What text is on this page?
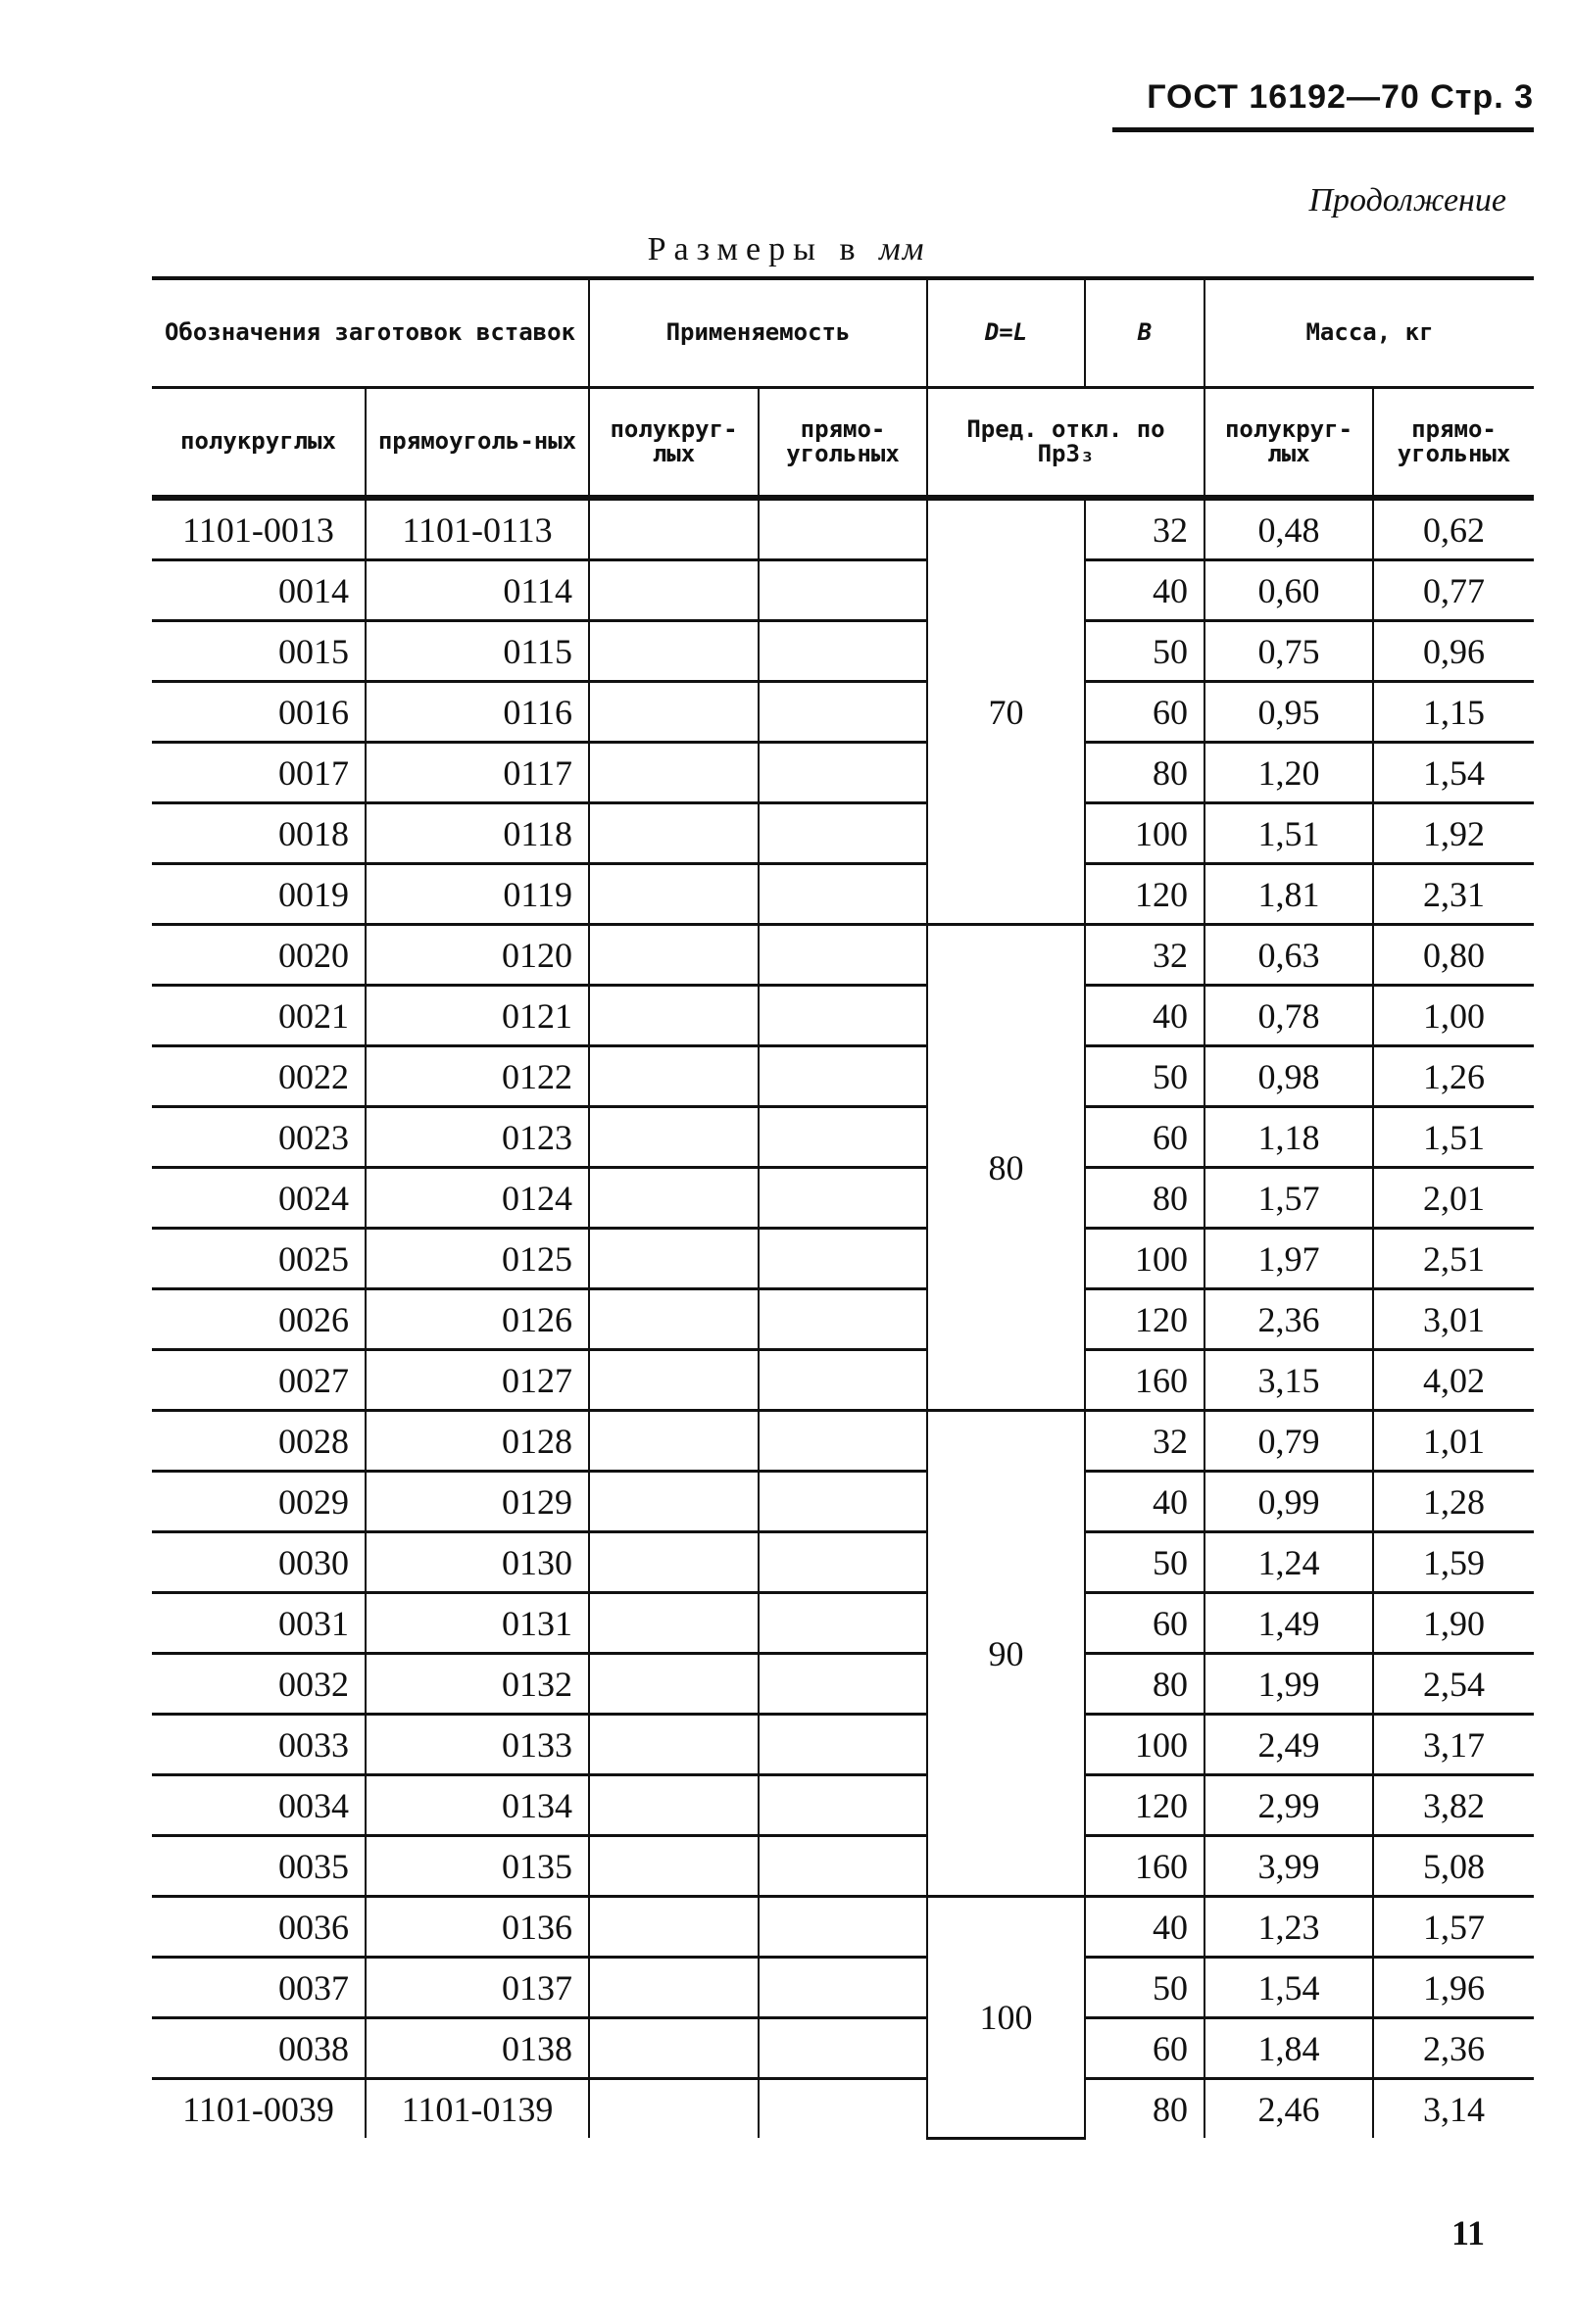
ГОСТ 16192—70 Стр. 3
Продолжение
Размеры в мм
Обозначения заготовок вставок		Применяемость		D=L	B	Масса, кг	
полукруглых	прямоуголь-ных	полукруг-лых	прямо-угольных	Пред. откл. по Пр3₃		полукруг-лых	прямо-угольных
1101-0013	1101-0113			70	32	0,48	0,62
0014	0114				40	0,60	0,77
0015	0115				50	0,75	0,96
0016	0116				60	0,95	1,15
0017	0117				80	1,20	1,54
0018	0118				100	1,51	1,92
0019	0119				120	1,81	2,31
0020	0120			80	32	0,63	0,80
0021	0121				40	0,78	1,00
0022	0122				50	0,98	1,26
0023	0123				60	1,18	1,51
0024	0124				80	1,57	2,01
0025	0125				100	1,97	2,51
0026	0126				120	2,36	3,01
0027	0127				160	3,15	4,02
0028	0128			90	32	0,79	1,01
0029	0129				40	0,99	1,28
0030	0130				50	1,24	1,59
0031	0131				60	1,49	1,90
0032	0132				80	1,99	2,54
0033	0133				100	2,49	3,17
0034	0134				120	2,99	3,82
0035	0135				160	3,99	5,08
0036	0136			100	40	1,23	1,57
0037	0137				50	1,54	1,96
0038	0138				60	1,84	2,36
1101-0039	1101-0139				80	2,46	3,14
11
